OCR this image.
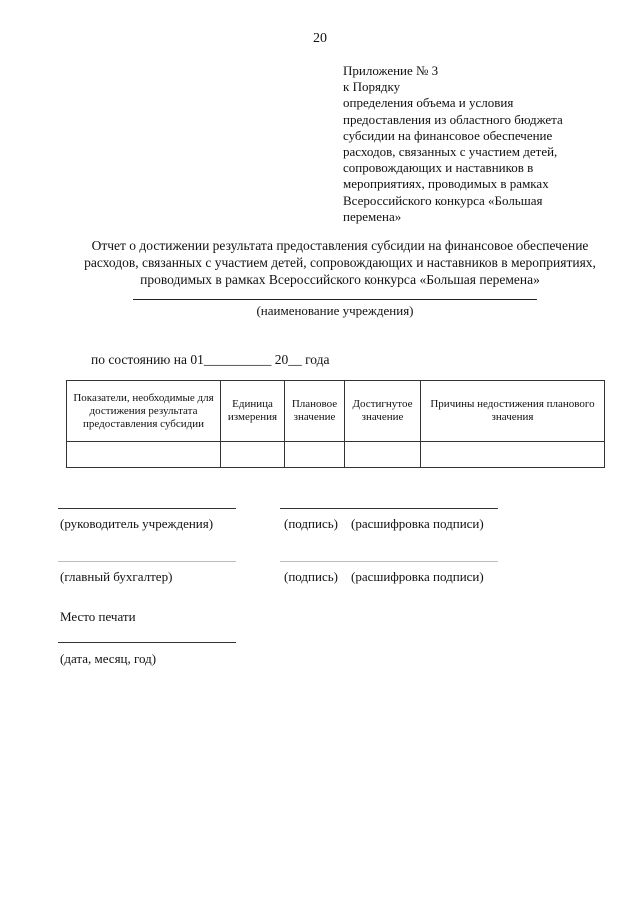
20
Приложение № 3
к Порядку
определения объема и условия
предоставления из областного бюджета
субсидии на финансовое обеспечение
расходов, связанных с участием детей,
сопровождающих и наставников в
мероприятиях, проводимых в рамках
Всероссийского конкурса «Большая
перемена»
Отчет о достижении результата предоставления субсидии на финансовое обеспечение
расходов, связанных с участием детей, сопровождающих и наставников в мероприятиях,
проводимых в рамках Всероссийского конкурса «Большая перемена»
(наименование учреждения)
по состоянию на 01__________ 20__ года
Показатели, необходимые для достижения результата предоставления субсидии	Единица измерения	Плановое значение	Достигнутое значение	Причины недостижения планового значения

(руководитель учреждения)	(подпись) (расшифровка подписи)
(главный бухгалтер)	(подпись) (расшифровка подписи)
Место печати
(дата, месяц, год)
